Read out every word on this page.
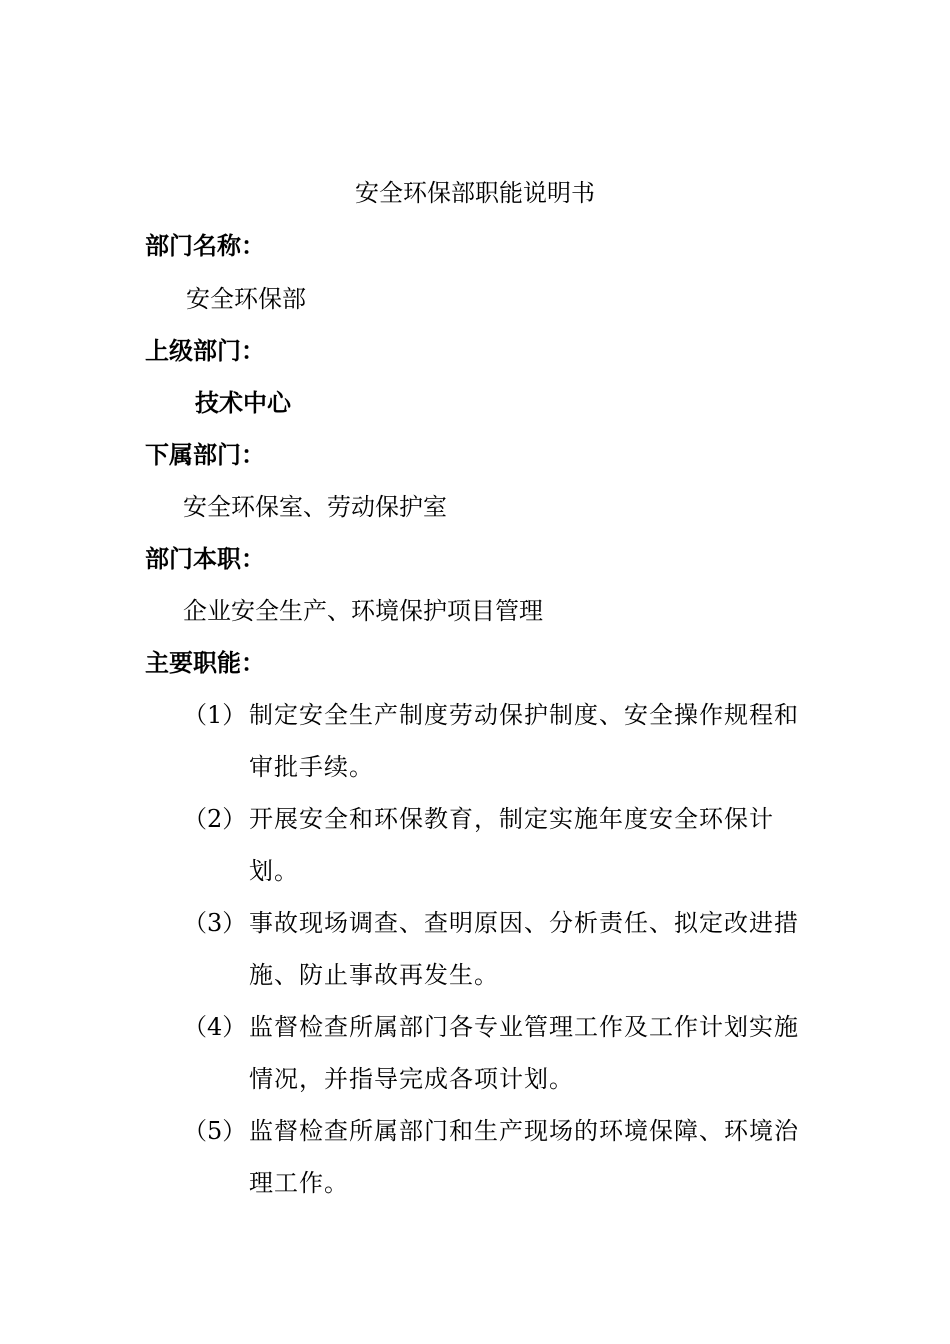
安全环保部职能说明书
部门名称：
安全环保部
上级部门：
技术中心
下属部门：
安全环保室、劳动保护室
部门本职：
企业安全生产、环境保护项目管理
主要职能：
（1） 制定安全生产制度劳动保护制度、安全操作规程和审批手续。
（2） 开展安全和环保教育，制定实施年度安全环保计划。
（3） 事故现场调查、查明原因、分析责任、拟定改进措施、防止事故再发生。
（4） 监督检查所属部门各专业管理工作及工作计划实施情况，并指导完成各项计划。
（5） 监督检查所属部门和生产现场的环境保障、环境治理工作。
